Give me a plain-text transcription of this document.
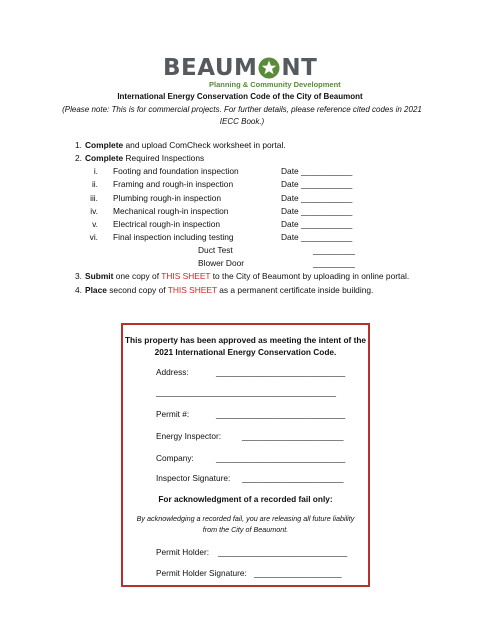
BEAUM NT
Planning & Community Development
International Energy Conservation Code of the City of Beaumont
(Please note: This is for commercial projects. For further details, please reference cited codes in 2021 IECC Book.)
1. Complete and upload ComCheck worksheet in portal.
2. Complete Required Inspections
i. Footing and foundation inspection	Date ___________
ii. Framing and rough-in inspection	Date ___________
iii. Plumbing rough-in inspection	Date ___________
iv. Mechanical rough-in inspection	Date ___________
v. Electrical rough-in inspection	Date ___________
vi. Final inspection including testing	Date ___________
Duct Test	_________
Blower Door	_________
3. Submit one copy of THIS SHEET to the City of Beaumont by uploading in online portal.
4. Place second copy of THIS SHEET as a permanent certificate inside building.
This property has been approved as meeting the intent of the 2021 International Energy Conservation Code.
Address:	____________________________
_______________________________________
Permit #:	____________________________
Energy Inspector:	______________________
Company:	____________________________
Inspector Signature: ______________________
For acknowledgment of a recorded fail only:
By acknowledging a recorded fail, you are releasing all future liability from the City of Beaumont.
Permit Holder: ____________________________
Permit Holder Signature: ___________________
